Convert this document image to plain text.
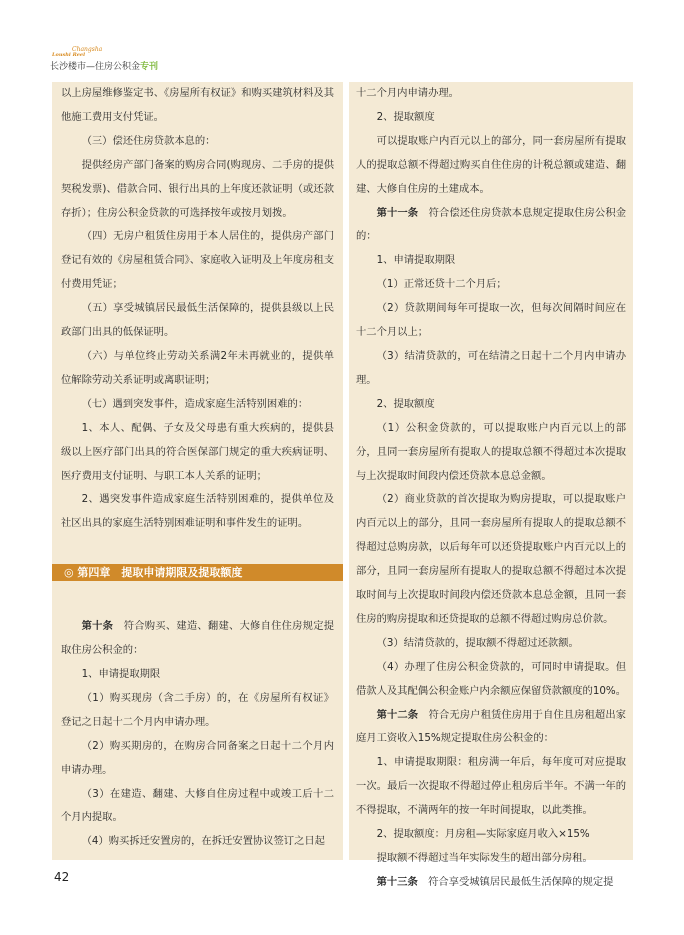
Changsha
Loushi Reel
长沙楼市—住房公积金专刊

以上房屋维修鉴定书、《房屋所有权证》和购买建筑材料及其他施工费用支付凭证。

（三）偿还住房贷款本息的：

提供经房产部门备案的购房合同(购现房、二手房的提供契税发票)、借款合同、银行出具的上年度还款证明（或还款存折）；住房公积金贷款的可选择按年或按月划拨。

（四）无房户租赁住房用于本人居住的，提供房产部门登记有效的《房屋租赁合同》、家庭收入证明及上年度房租支付费用凭证；

（五）享受城镇居民最低生活保障的，提供县级以上民政部门出具的低保证明。

（六）与单位终止劳动关系满2年未再就业的，提供单位解除劳动关系证明或离职证明；

（七）遇到突发事件，造成家庭生活特别困难的：

1、本人、配偶、子女及父母患有重大疾病的，提供县级以上医疗部门出具的符合医保部门规定的重大疾病证明、医疗费用支付证明、与职工本人关系的证明；

2、遇突发事件造成家庭生活特别困难的，提供单位及社区出具的家庭生活特别困难证明和事件发生的证明。

第十条　 符合购买、建造、翻建、大修自住住房规定提取住房公积金的：

1、申请提取期限

（1）购买现房（含二手房）的，在《房屋所有权证》登记之日起十二个月内申请办理。

（2）购买期房的，在购房合同备案之日起十二个月内申请办理。

（3）在建造、翻建、大修自住房过程中或竣工后十二个月内提取。

（4）购买拆迁安置房的，在拆迁安置协议签订之日起

◎ 第四章　提取申请期限及提取额度

十二个月内申请办理。

2、提取额度

可以提取账户内百元以上的部分，同一套房屋所有提取人的提取总额不得超过购买自住住房的计税总额或建造、翻建、大修自住房的土建成本。

第十一条　 符合偿还住房贷款本息规定提取住房公积金的：

1、申请提取期限

（1）正常还贷十二个月后；

（2）贷款期间每年可提取一次，但每次间隔时间应在十二个月以上；

（3）结清贷款的，可在结清之日起十二个月内申请办理。

2、提取额度

（1）公积金贷款的，可以提取账户内百元以上的部分，且同一套房屋所有提取人的提取总额不得超过本次提取与上次提取时间段内偿还贷款本息总金额。

（2）商业贷款的首次提取为购房提取，可以提取账户内百元以上的部分，且同一套房屋所有提取人的提取总额不得超过总购房款，以后每年可以还贷提取账户内百元以上的部分，且同一套房屋所有提取人的提取总额不得超过本次提取时间与上次提取时间段内偿还贷款本息总金额，且同一套住房的购房提取和还贷提取的总额不得超过购房总价款。

（3）结清贷款的，提取额不得超过还款额。

（4）办理了住房公积金贷款的，可同时申请提取。但借款人及其配偶公积金账户内余额应保留贷款额度的10%。

第十二条　 符合无房户租赁住房用于自住且房租超出家庭月工资收入15%规定提取住房公积金的：

1、申请提取期限：租房满一年后，每年度可对应提取一次。最后一次提取不得超过停止租房后半年。不满一年的不得提取，不满两年的按一年时间提取，以此类推。

2、提取额度：月房租—实际家庭月收入×15%

提取额不得超过当年实际发生的超出部分房租。

第十三条　 符合享受城镇居民最低生活保障的规定提

42
